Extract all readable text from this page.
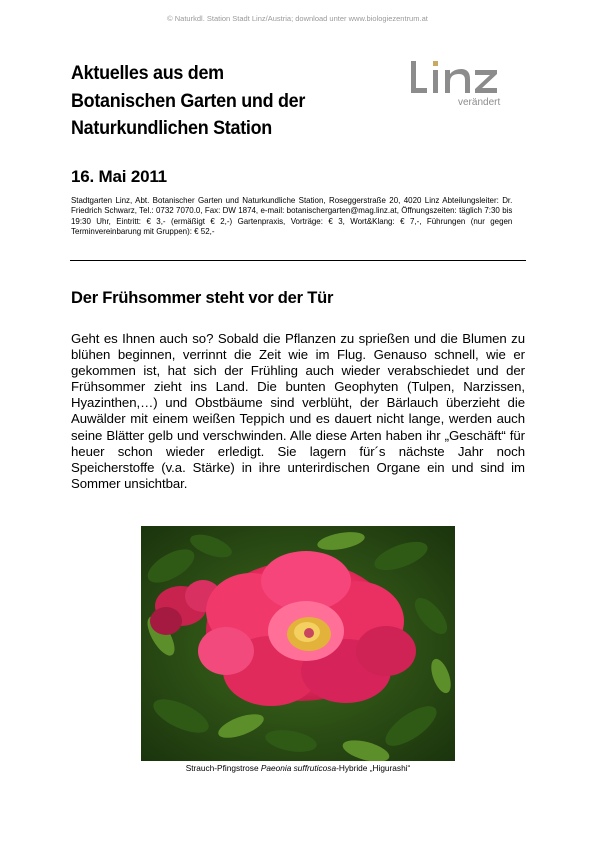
© Naturkdl. Station Stadt Linz/Austria; download unter www.biologiezentrum.at
Aktuelles aus dem
Botanischen Garten und der
Naturkundlichen Station
verändert
16. Mai 2011
Stadtgarten Linz, Abt. Botanischer Garten und Naturkundliche Station, Roseggerstraße 20, 4020 Linz Abteilungsleiter: Dr. Friedrich Schwarz, Tel.: 0732 7070.0, Fax: DW 1874, e-mail: botanischergarten@mag.linz.at, Öffnungszeiten: täglich 7:30 bis 19:30 Uhr, Eintritt: € 3,- (ermäßigt € 2,-) Gartenpraxis, Vorträge: € 3, Wort&Klang: € 7,-, Führungen (nur gegen Terminvereinbarung mit Gruppen): € 52,-
Der Frühsommer steht vor der Tür
Geht es Ihnen auch so? Sobald die Pflanzen zu sprießen und die Blumen zu blühen beginnen, verrinnt die Zeit wie im Flug. Genauso schnell, wie er gekommen ist, hat sich der Frühling auch wieder verabschiedet und der Frühsommer zieht ins Land. Die bunten Geophyten (Tulpen, Narzissen, Hyazinthen,…) und Obstbäume sind verblüht, der Bärlauch überzieht die Auwälder mit einem weißen Teppich und es dauert nicht lange, werden auch seine Blätter gelb und verschwinden. Alle diese Arten haben ihr „Geschäft“ für heuer schon wieder erledigt. Sie lagern für´s nächste Jahr noch Speicherstoffe (v.a. Stärke) in ihre unterirdischen Organe ein und sind im Sommer unsichtbar.
Strauch-Pfingstrose Paeonia suffruticosa-Hybride „Higurashi“
